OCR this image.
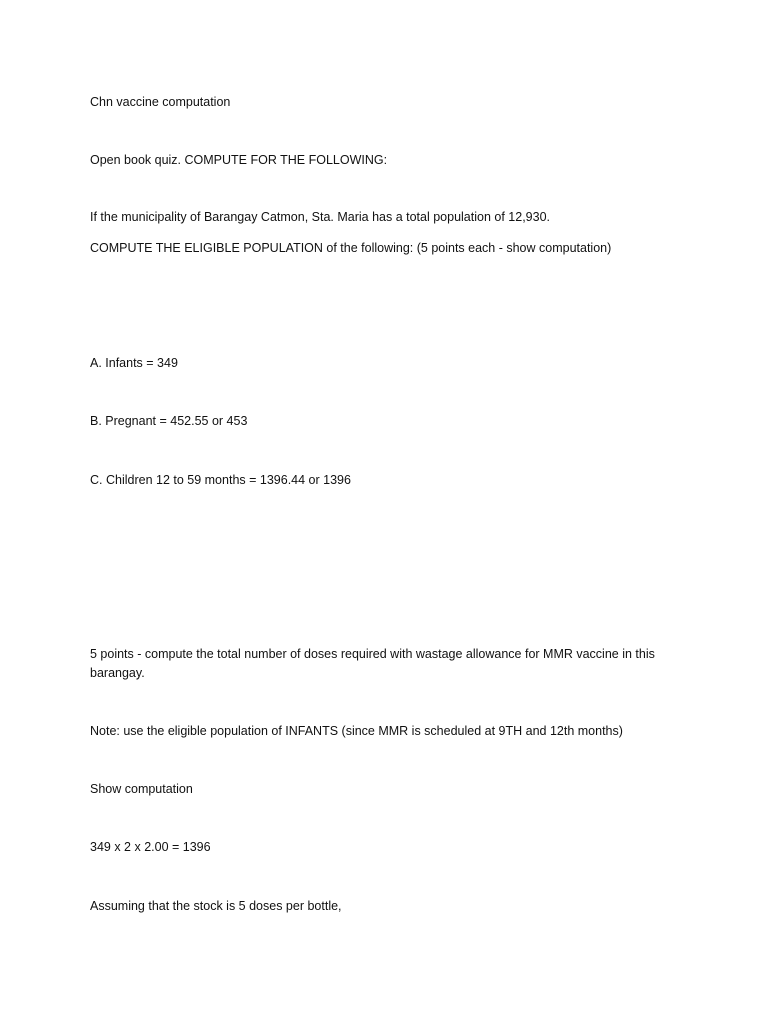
Chn vaccine computation
Open book quiz. COMPUTE FOR THE FOLLOWING:
If the municipality of Barangay Catmon, Sta. Maria has a total population of 12,930.
COMPUTE THE ELIGIBLE POPULATION of the following: (5 points each - show computation)
A. Infants = 349
B. Pregnant = 452.55 or 453
C. Children 12 to 59 months = 1396.44 or 1396
5 points - compute the total number of doses required with wastage allowance for MMR vaccine in this barangay.
Note: use the eligible population of INFANTS (since MMR is scheduled at 9TH and 12th months)
Show computation
349 x 2 x 2.00 = 1396
Assuming that the stock is 5 doses per bottle,
